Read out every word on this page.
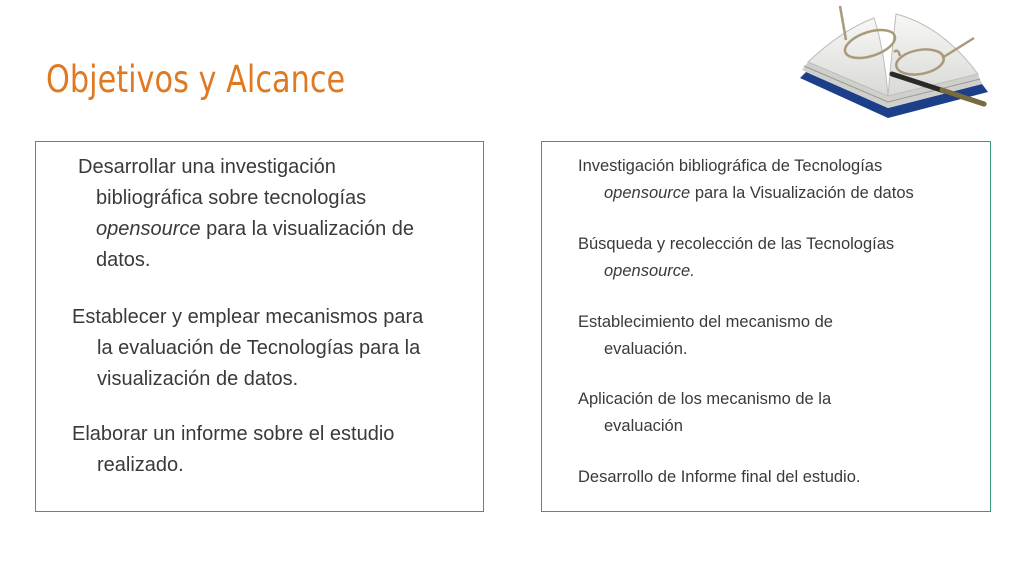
Objetivos y Alcance
Desarrollar una investigación
bibliográfica sobre tecnologías
opensource para la visualización de
datos.
Establecer y emplear mecanismos para
la evaluación de Tecnologías para la
visualización de datos.
Elaborar un informe sobre el estudio
realizado.
Investigación bibliográfica de Tecnologías
opensource para la Visualización de datos
Búsqueda y recolección de las Tecnologías
opensource.
Establecimiento del mecanismo de
evaluación.
Aplicación de los mecanismo de la
evaluación
Desarrollo de Informe final del estudio.
